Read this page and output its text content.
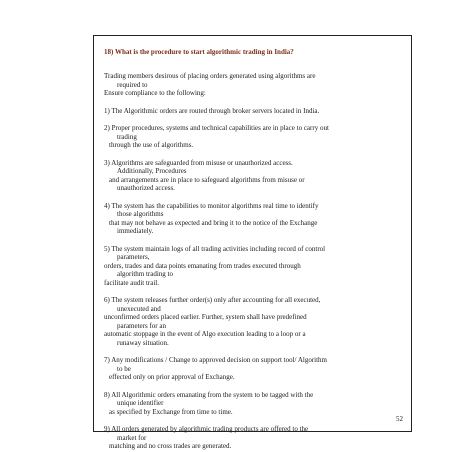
18) What is the procedure to start algorithmic trading in India?

Trading members desirous of placing orders generated using algorithms are
required to
Ensure compliance to the following:
1) The Algorithmic orders are routed through broker servers located in India.
2) Proper procedures, systems and technical capabilities are in place to carry out
trading
through the use of algorithms.
3) Algorithms are safeguarded from misuse or unauthorized access.
Additionally, Procedures
and arrangements are in place to safeguard algorithms from misuse or
unauthorized access.
4) The system has the capabilities to monitor algorithms real time to identify
those algorithms
that may not behave as expected and bring it to the notice of the Exchange
immediately.
5) The system maintain logs of all trading activities including record of control
parameters,
orders, trades and data points emanating from trades executed through
algorithm trading to
facilitate audit trail.
6) The system releases further order(s) only after accounting for all executed,
unexecuted and
unconfirmed orders placed earlier. Further, system shall have predefined
parameters for an
automatic stoppage in the event of Algo execution leading to a loop or a
runaway situation.
7) Any modifications / Change to approved decision on support tool/ Algorithm
to be
effected only on prior approval of Exchange.
8) All Algorithmic orders emanating from the system to be tagged with the
unique identifier
as specified by Exchange from time to time.
9) All orders generated by algorithmic trading products are offered to the
market for
matching and no cross trades are generated.
52
